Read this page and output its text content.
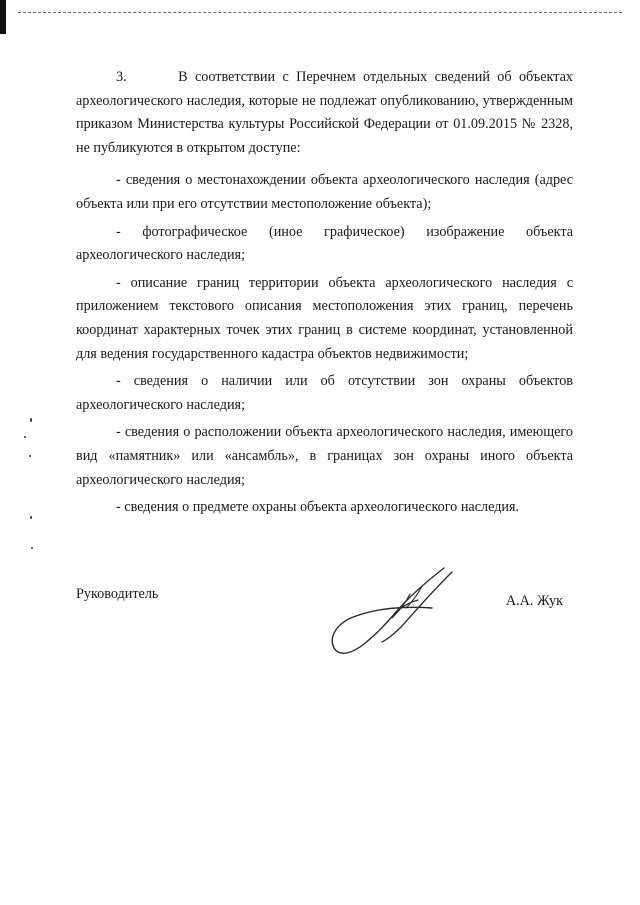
3.	В соответствии с Перечнем отдельных сведений об объектах археологического наследия, которые не подлежат опубликованию, утвержденным приказом Министерства культуры Российской Федерации от 01.09.2015 № 2328, не публикуются в открытом доступе:

- сведения о местонахождении объекта археологического наследия (адрес объекта или при его отсутствии местоположение объекта);

- фотографическое (иное графическое) изображение объекта археологического наследия;

- описание границ территории объекта археологического наследия с приложением текстового описания местоположения этих границ, перечень координат характерных точек этих границ в системе координат, установленной для ведения государственного кадастра объектов недвижимости;

- сведения о наличии или об отсутствии зон охраны объектов археологического наследия;

- сведения о расположении объекта археологического наследия, имеющего вид «памятник» или «ансамбль», в границах зон охраны иного объекта археологического наследия;

- сведения о предмете охраны объекта археологического наследия.

Руководитель	А.А. Жук
